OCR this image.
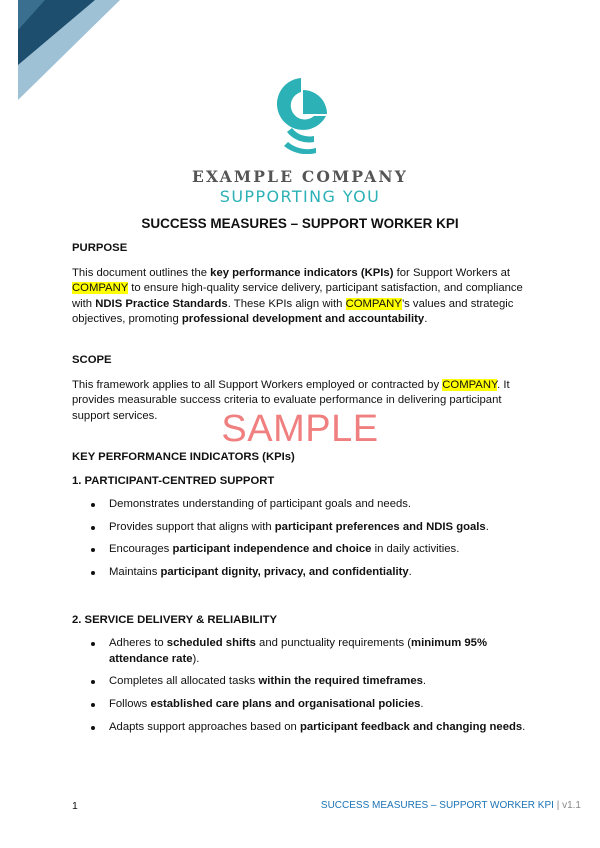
EXAMPLE COMPANY
SUPPORTING YOU
SUCCESS MEASURES – SUPPORT WORKER KPI
PURPOSE
This document outlines the key performance indicators (KPIs) for Support Workers at COMPANY to ensure high-quality service delivery, participant satisfaction, and compliance with NDIS Practice Standards. These KPIs align with COMPANY’s values and strategic objectives, promoting professional development and accountability.
SCOPE
This framework applies to all Support Workers employed or contracted by COMPANY. It provides measurable success criteria to evaluate performance in delivering participant support services.	SAMPLE
KEY PERFORMANCE INDICATORS (KPIs)
1. PARTICIPANT-CENTRED SUPPORT
Demonstrates understanding of participant goals and needs.
Provides support that aligns with participant preferences and NDIS goals.
Encourages participant independence and choice in daily activities.
Maintains participant dignity, privacy, and confidentiality.
2. SERVICE DELIVERY & RELIABILITY
Adheres to scheduled shifts and punctuality requirements (minimum 95% attendance rate).
Completes all allocated tasks within the required timeframes.
Follows established care plans and organisational policies.
Adapts support approaches based on participant feedback and changing needs.
1	SUCCESS MEASURES – SUPPORT WORKER KPI | v1.1
